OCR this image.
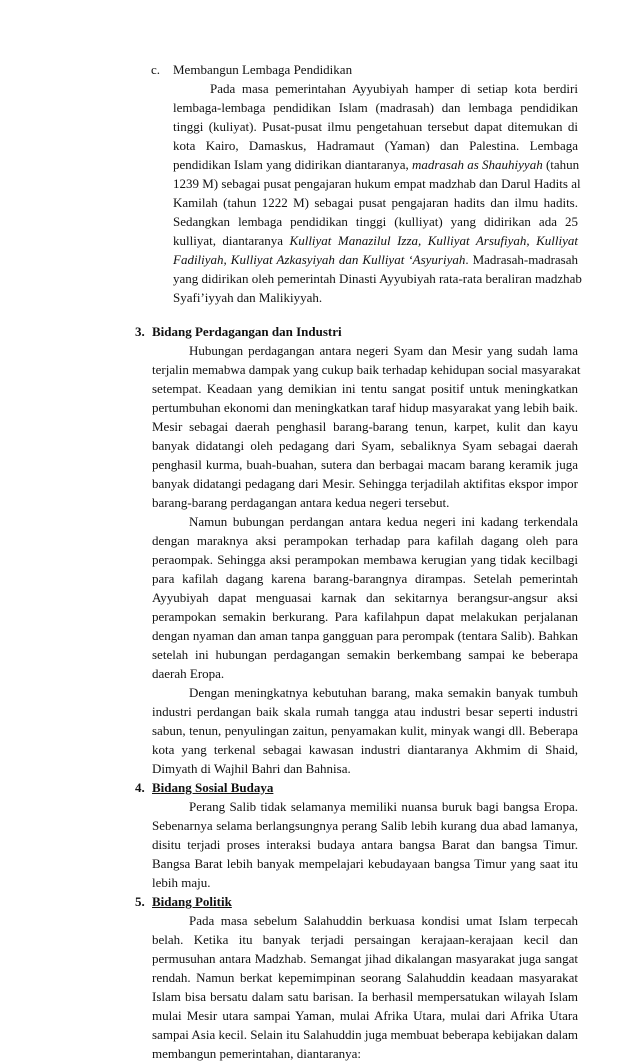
c. Membangun Lembaga Pendidikan
Pada masa pemerintahan Ayyubiyah hamper di setiap kota berdiri
lembaga-lembaga pendidikan Islam (madrasah) dan lembaga pendidikan
tinggi (kuliyat). Pusat-pusat ilmu pengetahuan tersebut dapat ditemukan di
kota Kairo, Damaskus, Hadramaut (Yaman) dan Palestina. Lembaga
pendidikan Islam yang didirikan diantaranya, madrasah as Shauhiyyah (tahun
1239 M) sebagai pusat pengajaran hukum empat madzhab dan Darul Hadits al
Kamilah (tahun 1222 M) sebagai pusat pengajaran hadits dan ilmu hadits.
Sedangkan lembaga pendidikan tinggi (kulliyat) yang didirikan ada 25
kulliyat, diantaranya Kulliyat Manazilul Izza, Kulliyat Arsufiyah, Kulliyat
Fadiliyah, Kulliyat Azkasyiyah dan Kulliyat ‘Asyuriyah. Madrasah-madrasah
yang didirikan oleh pemerintah Dinasti Ayyubiyah rata-rata beraliran madzhab
Syafi’iyyah dan Malikiyyah.
3. Bidang Perdagangan dan Industri
Hubungan perdagangan antara negeri Syam dan Mesir yang sudah lama
terjalin memabwa dampak yang cukup baik terhadap kehidupan social masyarakat
setempat. Keadaan yang demikian ini tentu sangat positif untuk meningkatkan
pertumbuhan ekonomi dan meningkatkan taraf hidup masyarakat yang lebih baik.
Mesir sebagai daerah penghasil barang-barang tenun, karpet, kulit dan kayu
banyak didatangi oleh pedagang dari Syam, sebaliknya Syam sebagai daerah
penghasil kurma, buah-buahan, sutera dan berbagai macam barang keramik juga
banyak didatangi pedagang dari Mesir. Sehingga terjadilah aktifitas ekspor impor
barang-barang perdagangan antara kedua negeri tersebut.
Namun bubungan perdangan antara kedua negeri ini kadang terkendala
dengan maraknya aksi perampokan terhadap para kafilah dagang oleh para
peraompak. Sehingga aksi perampokan membawa kerugian yang tidak kecilbagi
para kafilah dagang karena barang-barangnya dirampas. Setelah pemerintah
Ayyubiyah dapat menguasai karnak dan sekitarnya berangsur-angsur aksi
perampokan semakin berkurang. Para kafilahpun dapat melakukan perjalanan
dengan nyaman dan aman tanpa gangguan para perompak (tentara Salib). Bahkan
setelah ini hubungan perdagangan semakin berkembang sampai ke beberapa
daerah Eropa.
Dengan meningkatnya kebutuhan barang, maka semakin banyak tumbuh
industri perdangan baik skala rumah tangga atau industri besar seperti industri
sabun, tenun, penyulingan zaitun, penyamakan kulit, minyak wangi dll. Beberapa
kota yang terkenal sebagai kawasan industri diantaranya Akhmim di Shaid,
Dimyath di Wajhil Bahri dan Bahnisa.
4. Bidang Sosial Budaya
Perang Salib tidak selamanya memiliki nuansa buruk bagi bangsa Eropa.
Sebenarnya selama berlangsungnya perang Salib lebih kurang dua abad lamanya,
disitu terjadi proses interaksi budaya antara bangsa Barat dan bangsa Timur.
Bangsa Barat lebih banyak mempelajari kebudayaan bangsa Timur yang saat itu
lebih maju.
5. Bidang Politik
Pada masa sebelum Salahuddin berkuasa kondisi umat Islam terpecah
belah. Ketika itu banyak terjadi persaingan kerajaan-kerajaan kecil dan
permusuhan antara Madzhab. Semangat jihad dikalangan masyarakat juga sangat
rendah. Namun berkat kepemimpinan seorang Salahuddin keadaan masyarakat
Islam bisa bersatu dalam satu barisan. Ia berhasil mempersatukan wilayah Islam
mulai Mesir utara sampai Yaman, mulai Afrika Utara, mulai dari Afrika Utara
sampai Asia kecil. Selain itu Salahuddin juga membuat beberapa kebijakan dalam
membangun pemerintahan, diantaranya:
